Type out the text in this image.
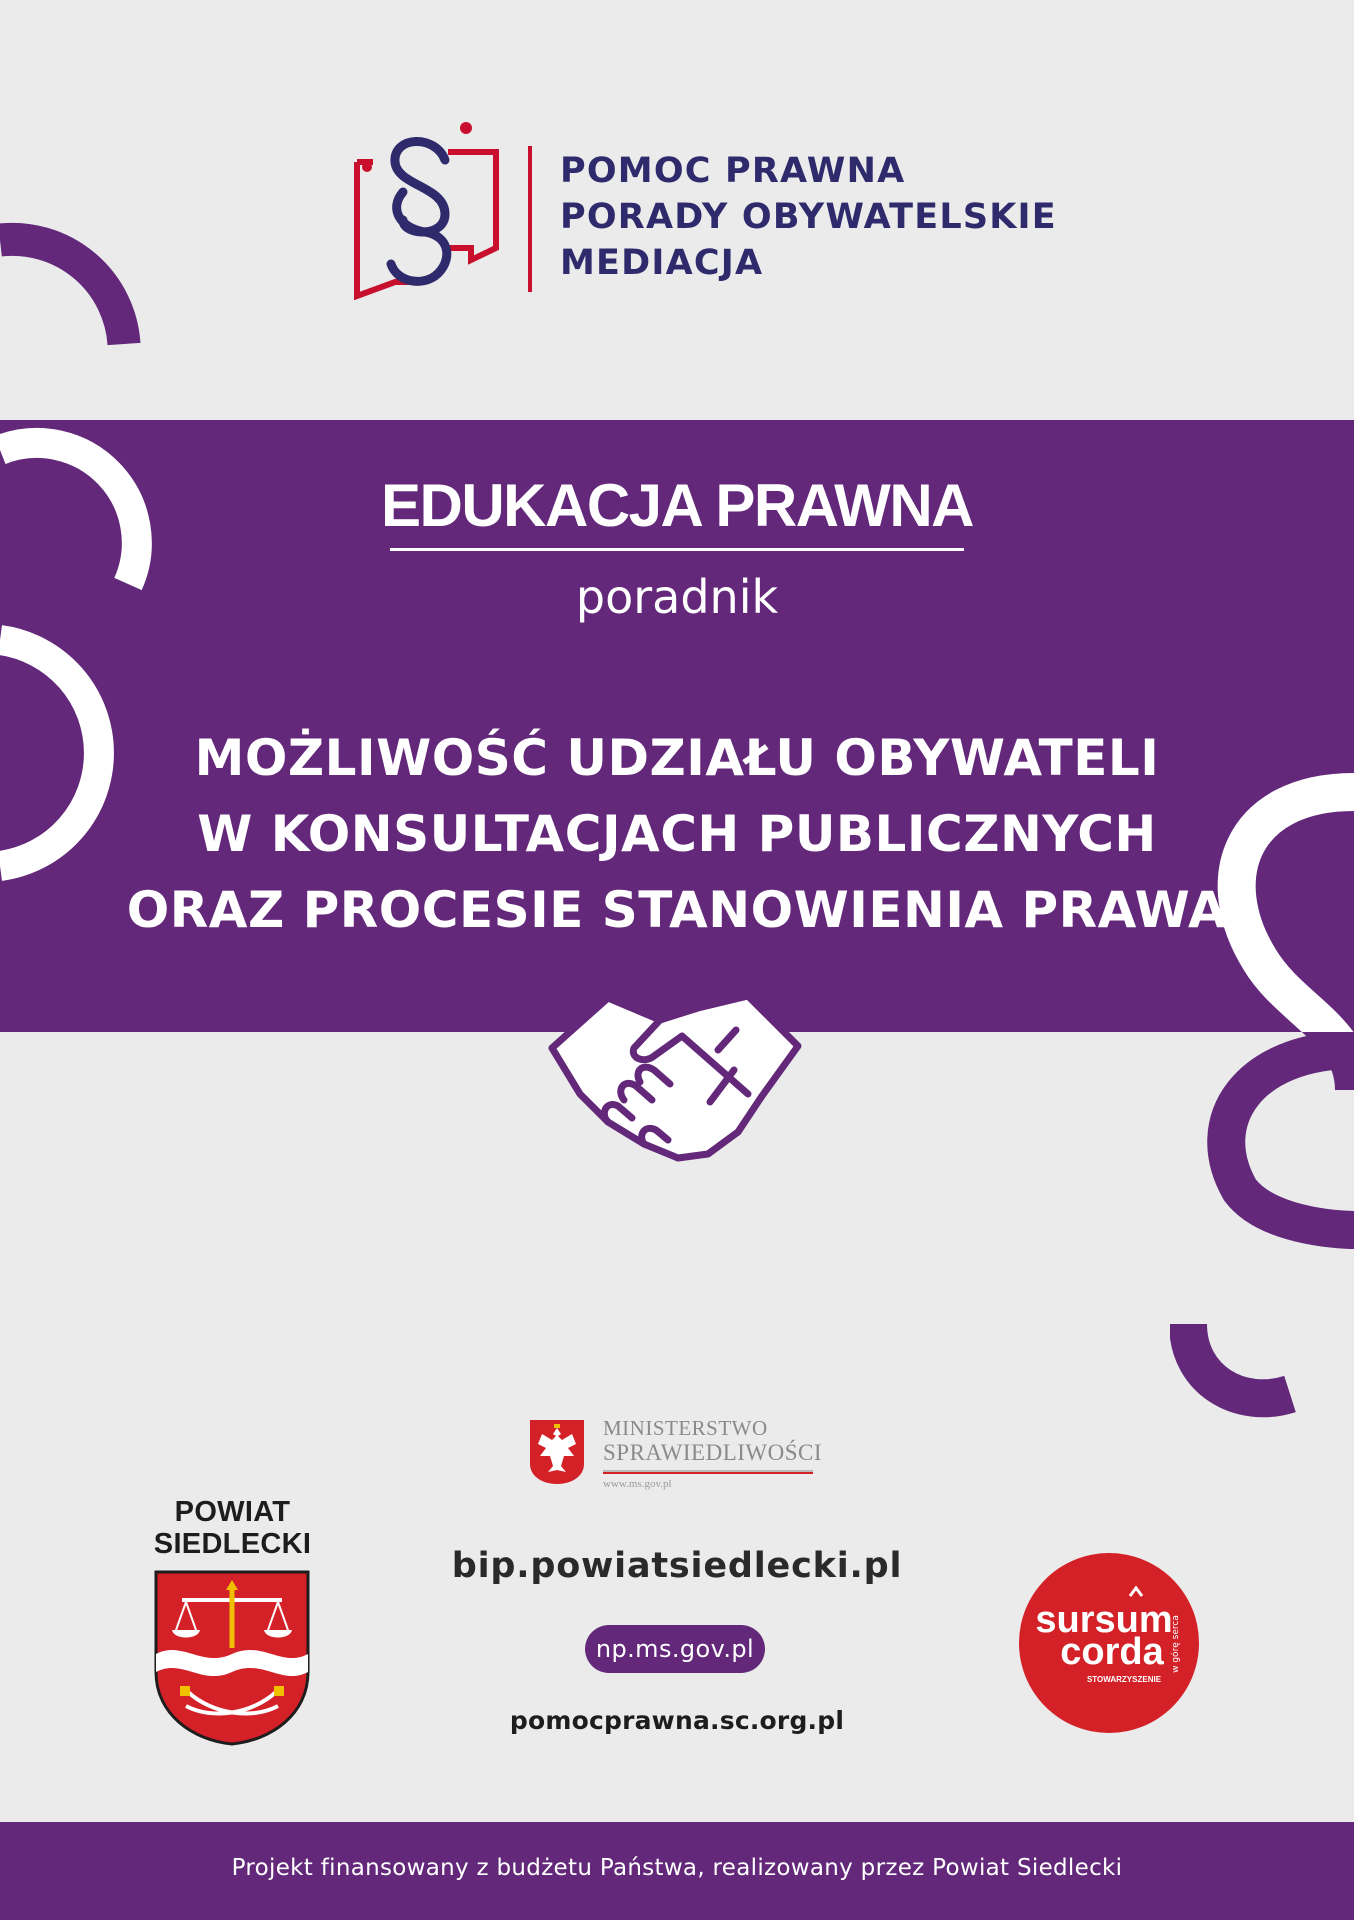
POMOC PRAWNA
PORADY OBYWATELSKIE
MEDIACJA
EDUKACJA PRAWNA
poradnik
MOŻLIWOŚĆ UDZIAŁU OBYWATELI
W KONSULTACJACH PUBLICZNYCH
ORAZ PROCESIE STANOWIENIA PRAWA
MINISTERSTWO
SPRAWIEDLIWOŚCI
www.ms.gov.pl
POWIAT
SIEDLECKI
bip.powiatsiedlecki.pl
np.ms.gov.pl
pomocprawna.sc.org.pl
sursum
corda
STOWARZYSZENIE
w górę serca
Projekt finansowany z budżetu Państwa, realizowany przez Powiat Siedlecki
